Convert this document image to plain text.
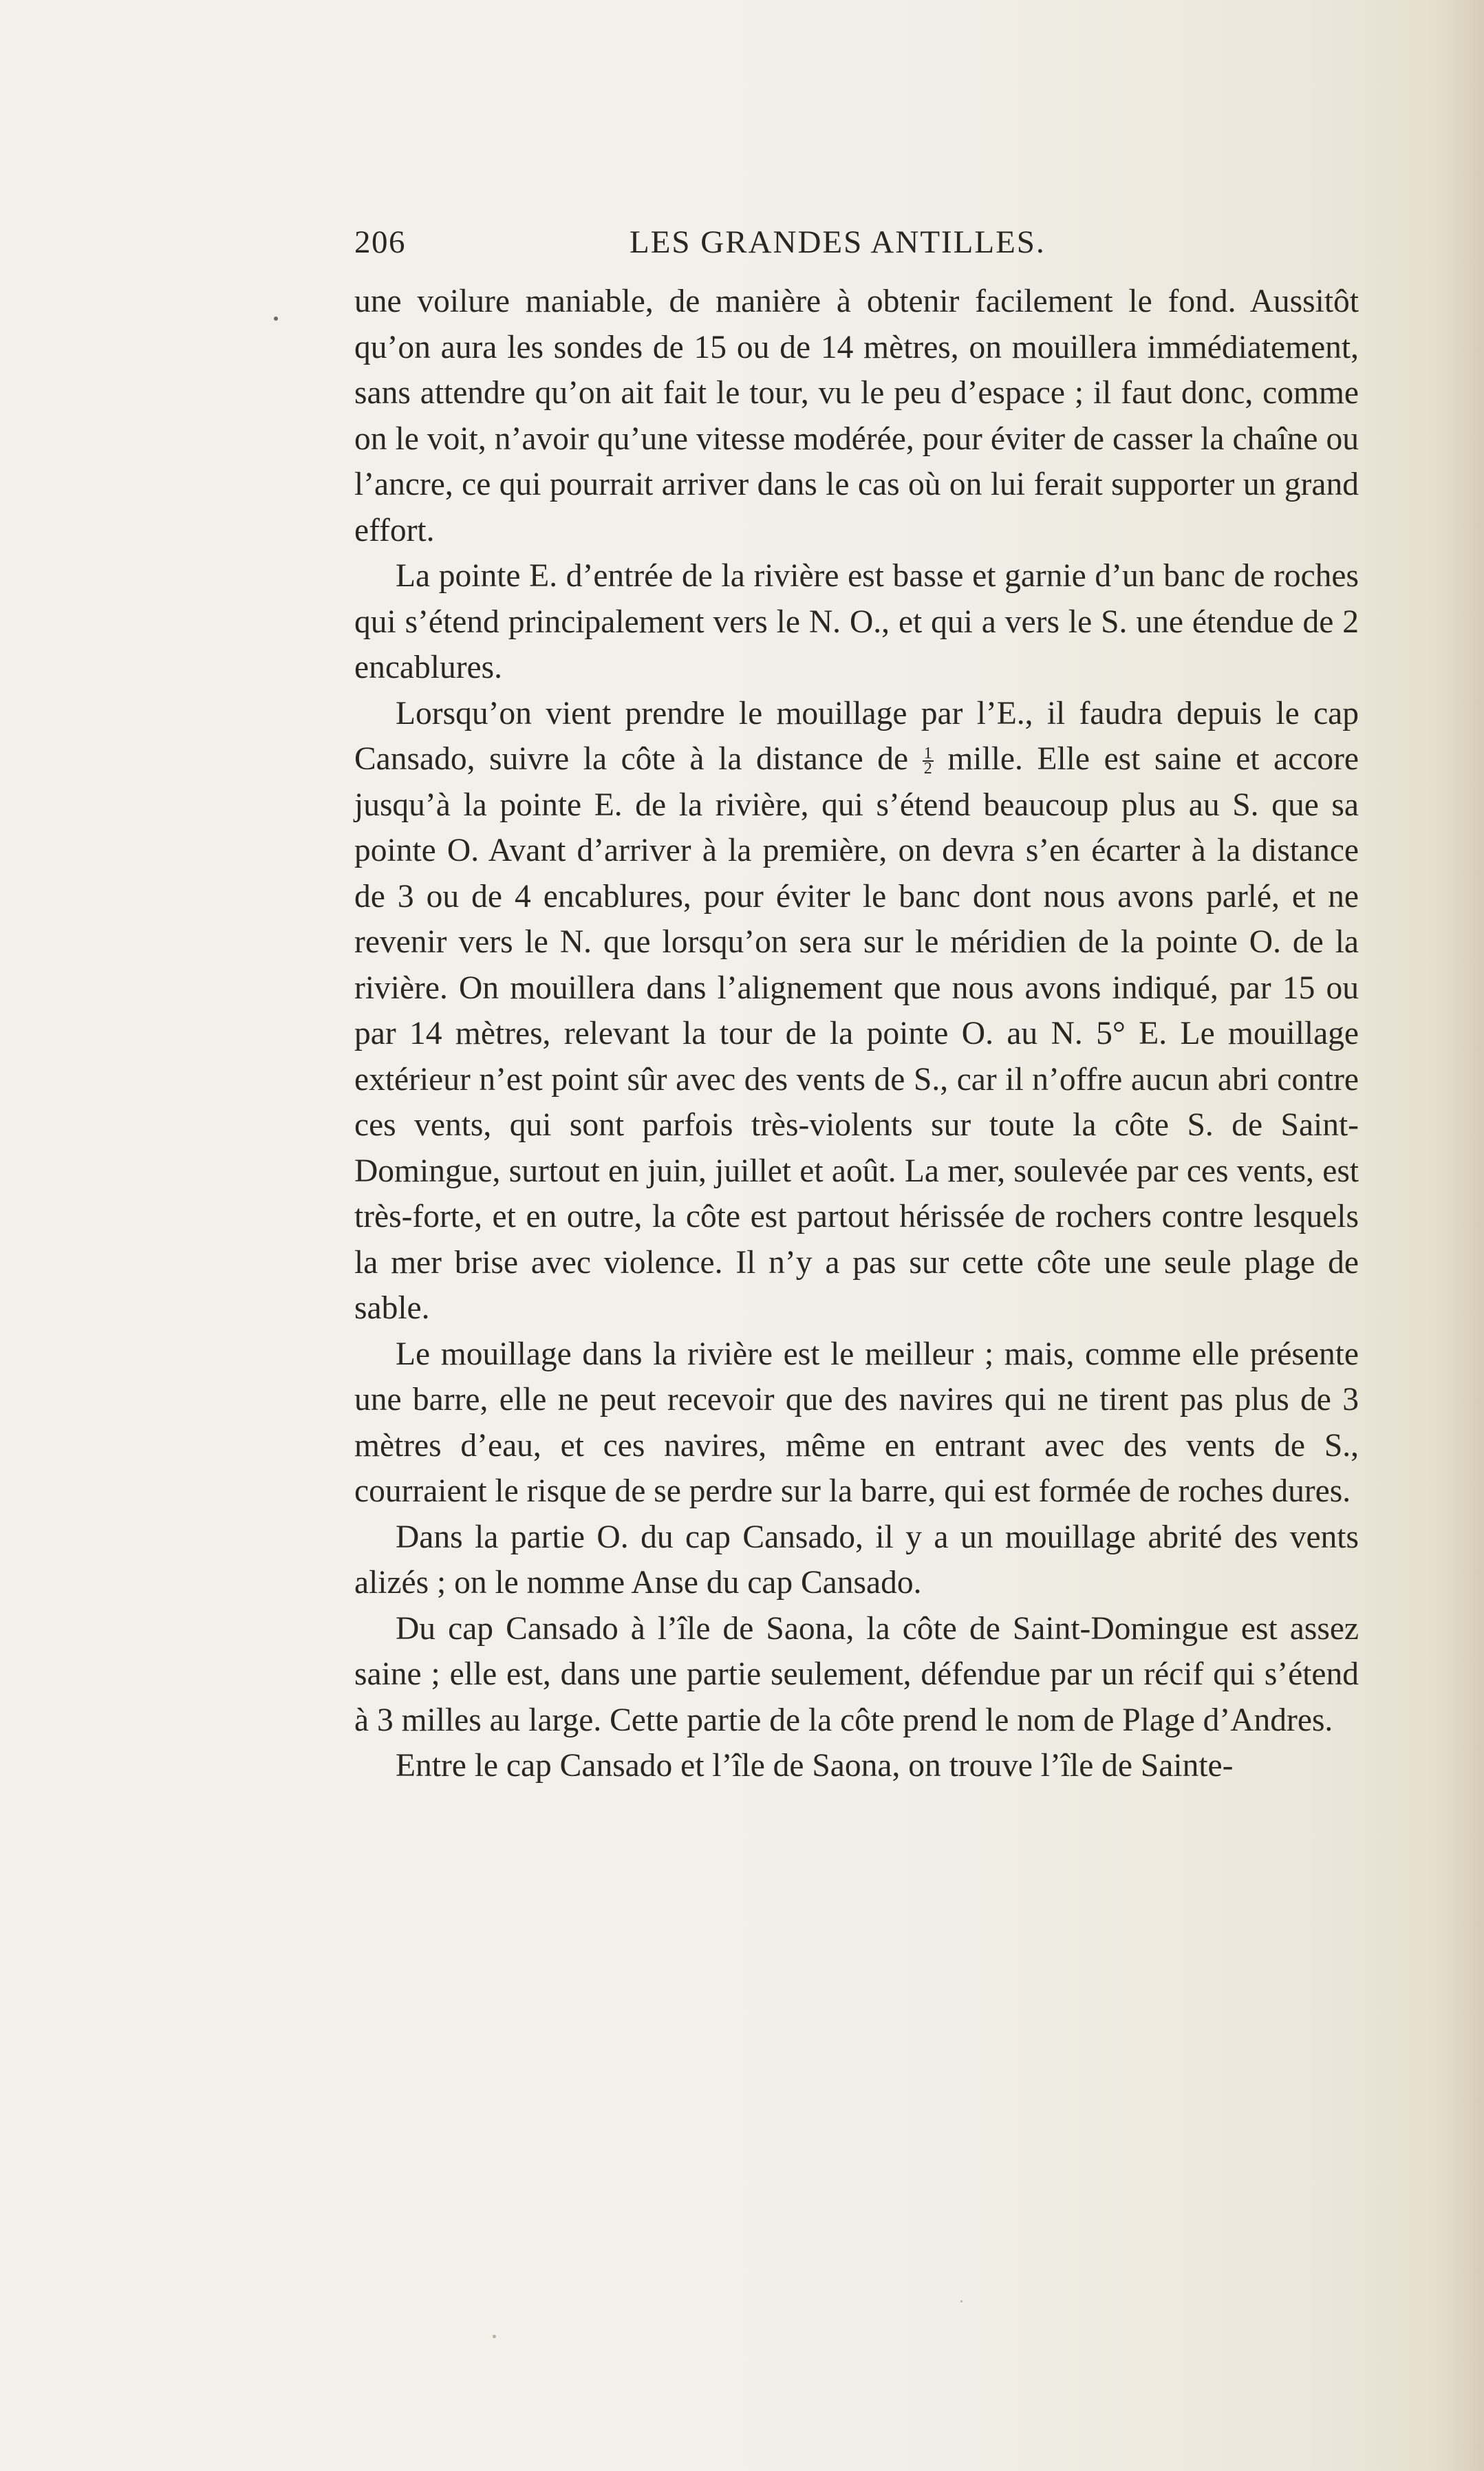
206	LES GRANDES ANTILLES.

une voilure maniable, de manière à obtenir facilement le fond. Aussitôt qu’on aura les sondes de 15 ou de 14 mètres, on mouillera immédiatement, sans attendre qu’on ait fait le tour, vu le peu d’espace ; il faut donc, comme on le voit, n’avoir qu’une vitesse modérée, pour éviter de casser la chaîne ou l’ancre, ce qui pourrait arriver dans le cas où on lui ferait supporter un grand effort.

La pointe E. d’entrée de la rivière est basse et garnie d’un banc de roches qui s’étend principalement vers le N. O., et qui a vers le S. une étendue de 2 encablures.

Lorsqu’on vient prendre le mouillage par l’E., il faudra depuis le cap Cansado, suivre la côte à la distance de $\frac{1}{2}$ mille. Elle est saine et accore jusqu’à la pointe E. de la rivière, qui s’étend beaucoup plus au S. que sa pointe O. Avant d’arriver à la première, on devra s’en écarter à la distance de 3 ou de 4 encablures, pour éviter le banc dont nous avons parlé, et ne revenir vers le N. que lorsqu’on sera sur le méridien de la pointe O. de la rivière. On mouillera dans l’alignement que nous avons indiqué, par 15 ou par 14 mètres, relevant la tour de la pointe O. au N. 5° E. Le mouillage extérieur n’est point sûr avec des vents de S., car il n’offre aucun abri contre ces vents, qui sont parfois très-violents sur toute la côte S. de Saint-Domingue, surtout en juin, juillet et août. La mer, soulevée par ces vents, est très-forte, et en outre, la côte est partout hérissée de rochers contre lesquels la mer brise avec violence. Il n’y a pas sur cette côte une seule plage de sable.

Le mouillage dans la rivière est le meilleur ; mais, comme elle présente une barre, elle ne peut recevoir que des navires qui ne tirent pas plus de 3 mètres d’eau, et ces navires, même en entrant avec des vents de S., courraient le risque de se perdre sur la barre, qui est formée de roches dures.

Dans la partie O. du cap Cansado, il y a un mouillage abrité des vents alizés ; on le nomme Anse du cap Cansado.

Du cap Cansado à l’île de Saona, la côte de Saint-Domingue est assez saine ; elle est, dans une partie seulement, défendue par un récif qui s’étend à 3 milles au large. Cette partie de la côte prend le nom de Plage d’Andres.

Entre le cap Cansado et l’île de Saona, on trouve l’île de Sainte-
